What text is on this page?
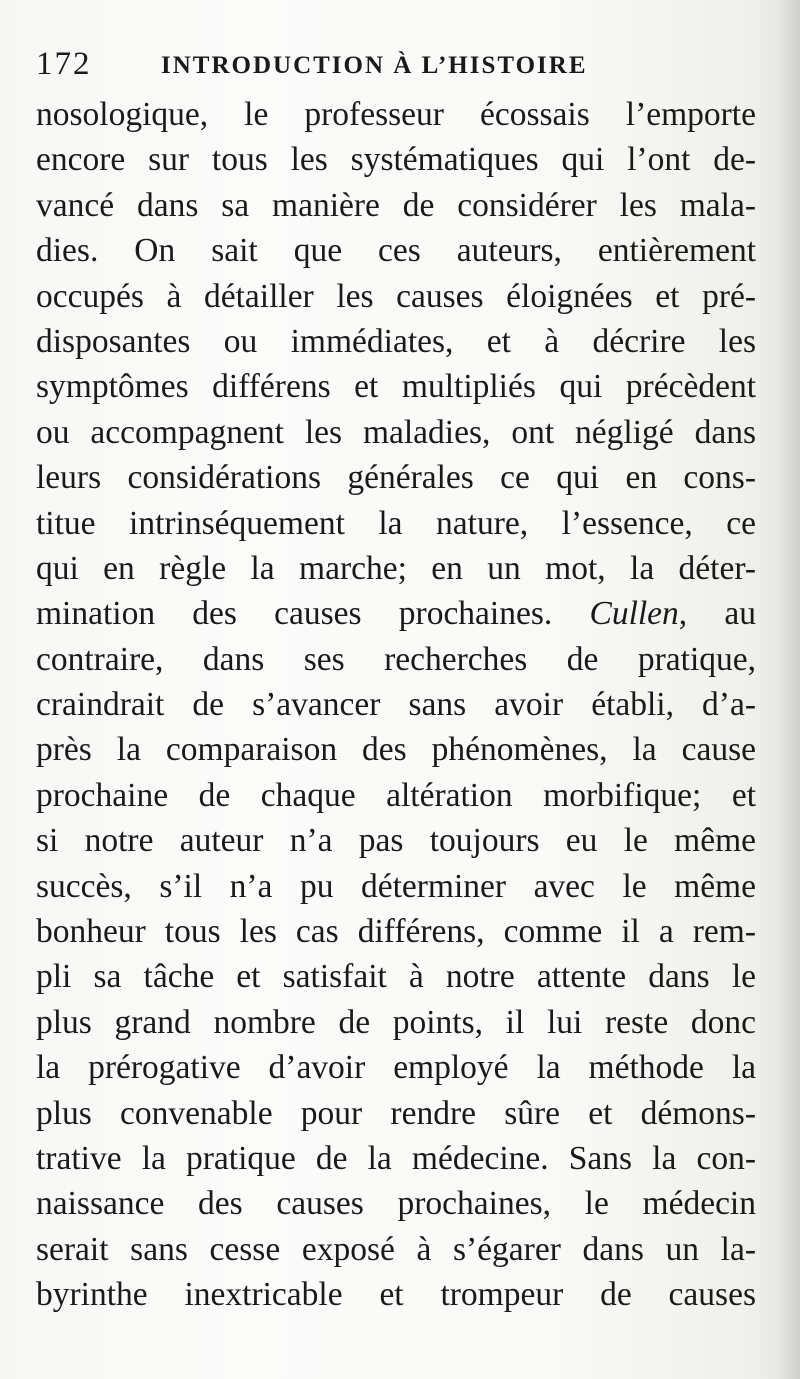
172	INTRODUCTION À L’HISTOIRE
nosologique, le professeur écossais l’emporte
encore sur tous les systématiques qui l’ont de-
vancé dans sa manière de considérer les mala-
dies. On sait que ces auteurs, entièrement
occupés à détailler les causes éloignées et pré-
disposantes ou immédiates, et à décrire les
symptômes différens et multipliés qui précèdent
ou accompagnent les maladies, ont négligé dans
leurs considérations générales ce qui en cons-
titue intrinséquement la nature, l’essence, ce
qui en règle la marche; en un mot, la déter-
mination des causes prochaines. Cullen, au
contraire, dans ses recherches de pratique,
craindrait de s’avancer sans avoir établi, d’a-
près la comparaison des phénomènes, la cause
prochaine de chaque altération morbifique; et
si notre auteur n’a pas toujours eu le même
succès, s’il n’a pu déterminer avec le même
bonheur tous les cas différens, comme il a rem-
pli sa tâche et satisfait à notre attente dans le
plus grand nombre de points, il lui reste donc
la prérogative d’avoir employé la méthode la
plus convenable pour rendre sûre et démons-
trative la pratique de la médecine. Sans la con-
naissance des causes prochaines, le médecin
serait sans cesse exposé à s’égarer dans un la-
byrinthe inextricable et trompeur de causes
